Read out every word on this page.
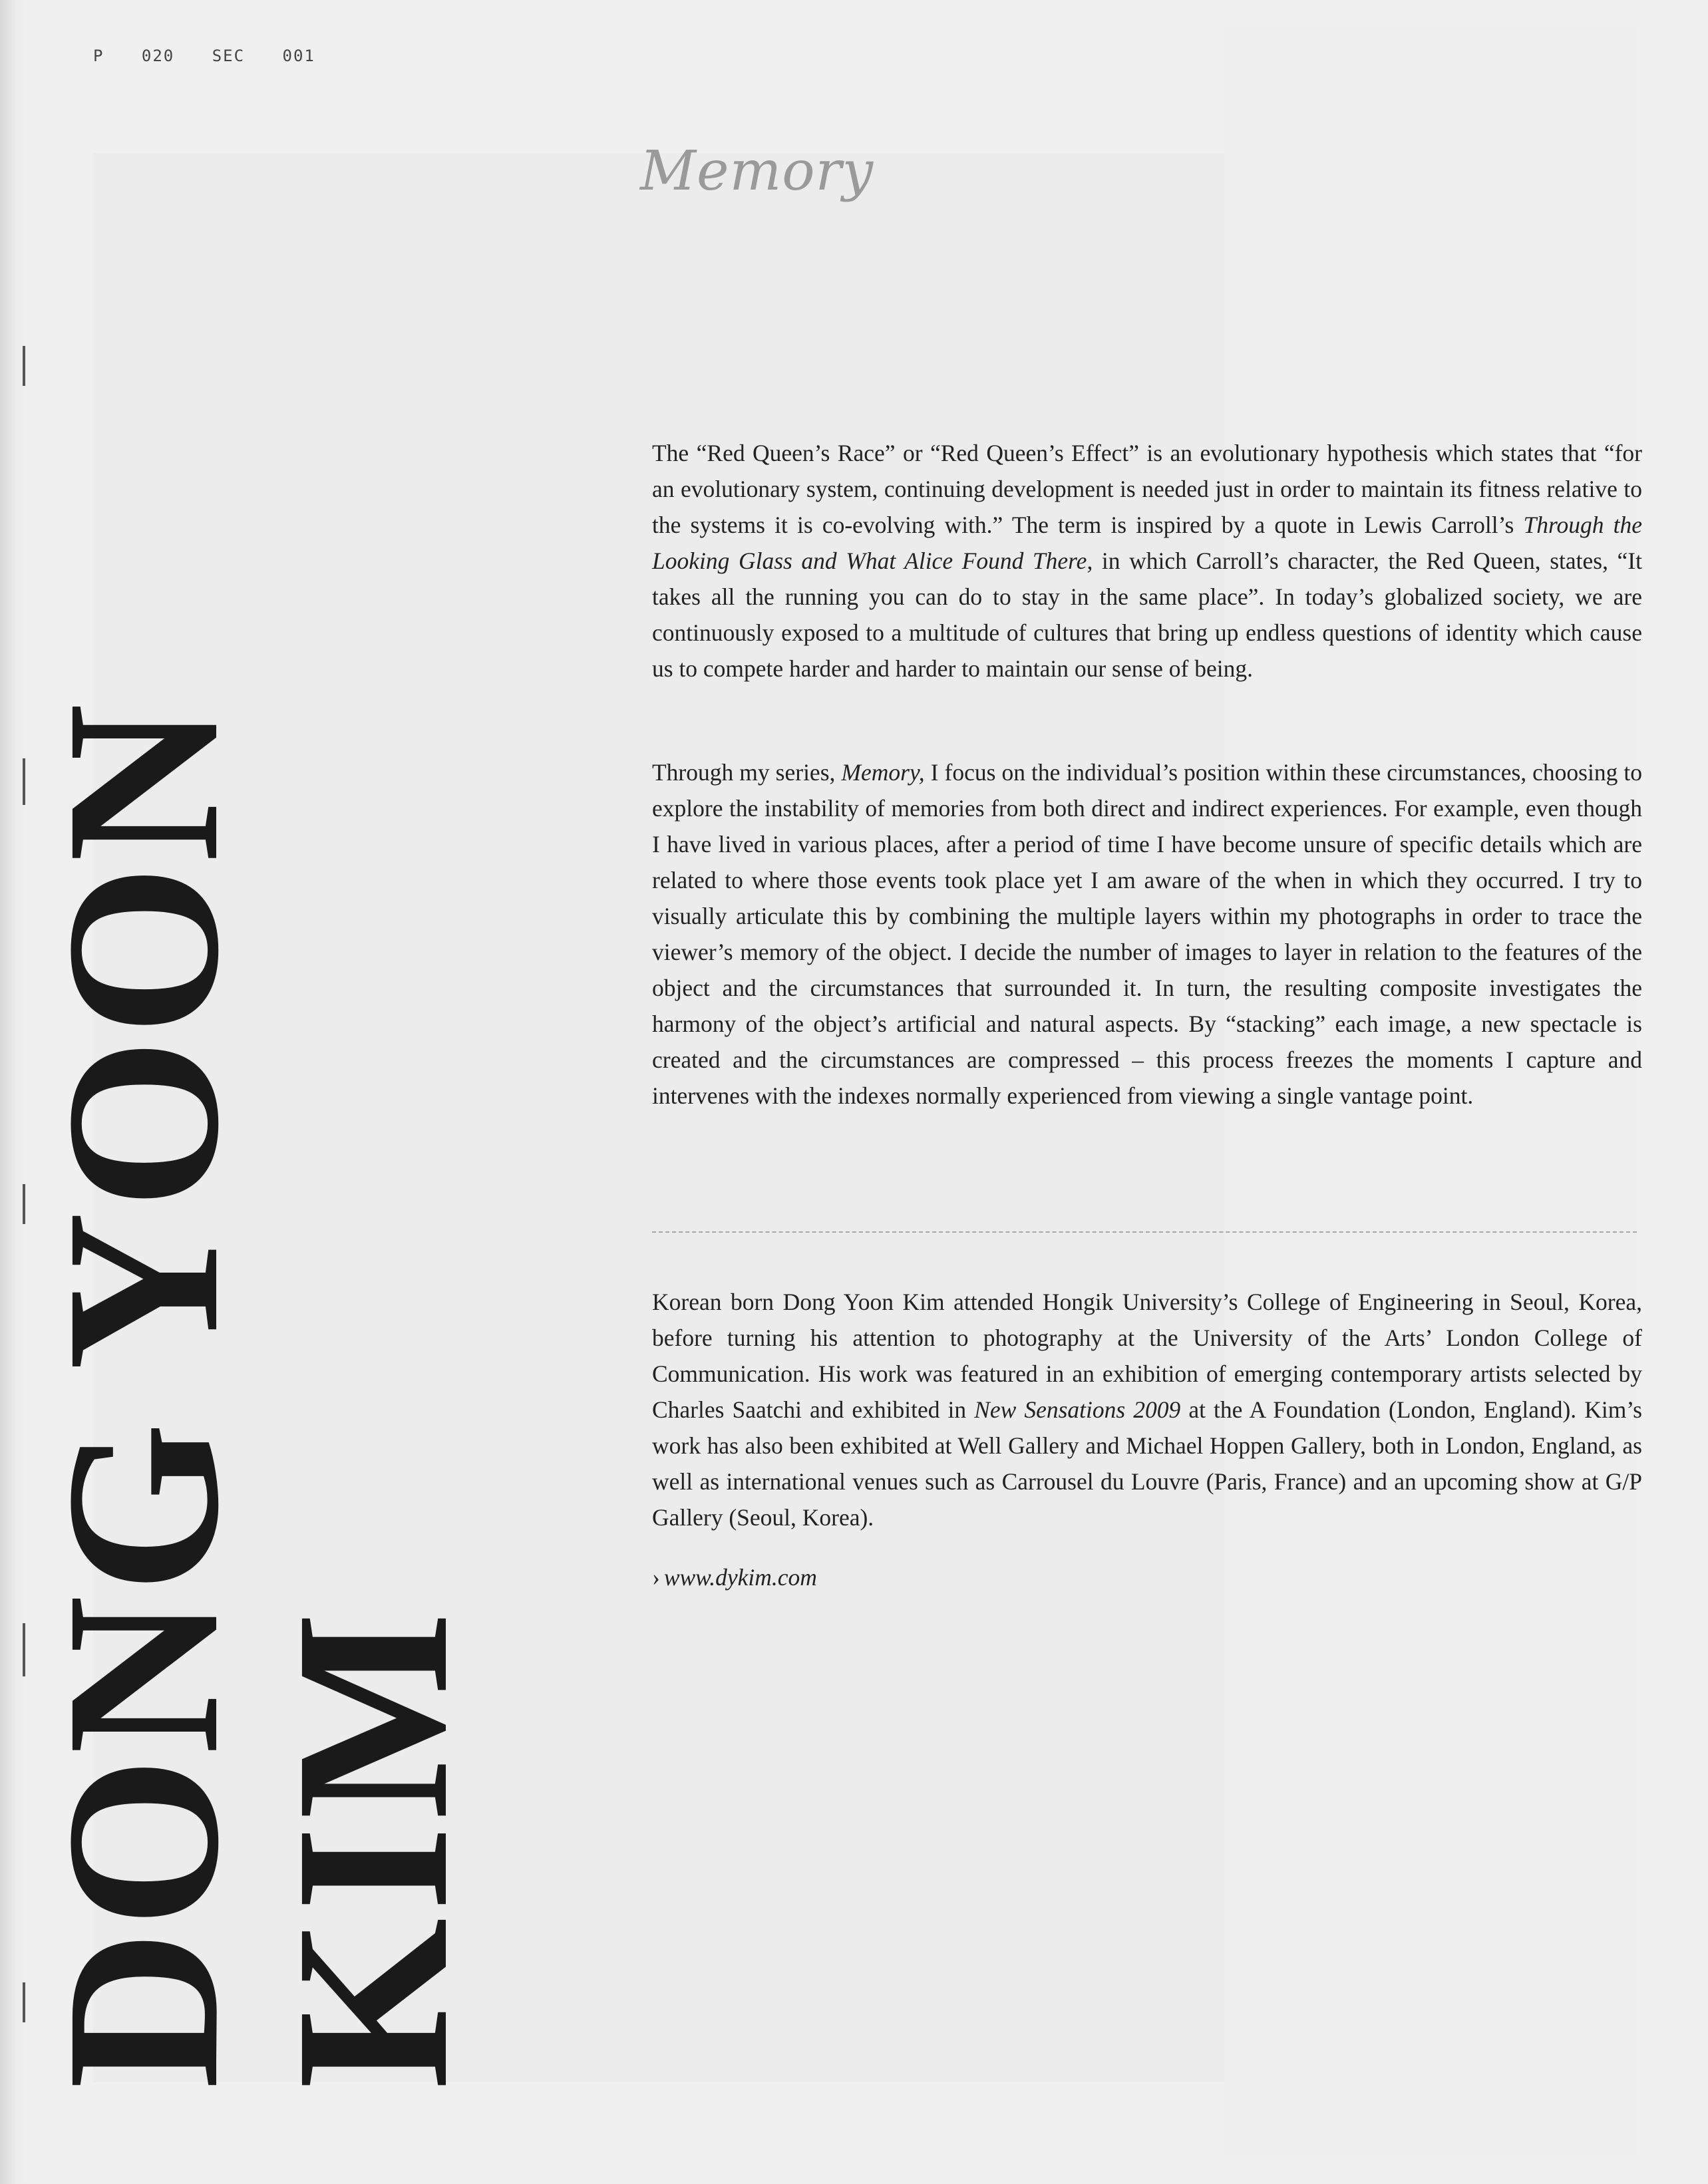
P 020 SEC 001
Memory

The “Red Queen’s Race” or “Red Queen’s Effect” is an evolutionary hypothesis which states that “for an evolutionary system, continuing development is needed just in order to maintain its fitness relative to the systems it is co-evolving with.” The term is inspired by a quote in Lewis Carroll’s Through the Looking Glass and What Alice Found There, in which Carroll’s character, the Red Queen, states, “It takes all the running you can do to stay in the same place”. In today’s globalized society, we are continuously exposed to a multitude of cultures that bring up endless questions of identity which cause us to compete harder and harder to maintain our sense of being.

Through my series, Memory, I focus on the individual’s position within these circumstances, choosing to explore the instability of memories from both direct and indirect experiences. For example, even though I have lived in various places, after a period of time I have become unsure of specific details which are related to where those events took place yet I am aware of the when in which they occurred. I try to visually articulate this by combining the multiple layers within my photographs in order to trace the viewer’s memory of the object. I decide the number of images to layer in relation to the features of the object and the circumstances that surrounded it. In turn, the resulting composite investigates the harmony of the object’s artificial and natural aspects. By “stacking” each image, a new spectacle is created and the circumstances are compressed – this process freezes the moments I capture and intervenes with the indexes normally experienced from viewing a single vantage point.

Korean born Dong Yoon Kim attended Hongik University’s College of Engineering in Seoul, Korea, before turning his attention to photography at the University of the Arts’ London College of Communication. His work was featured in an exhibition of emerging contemporary artists selected by Charles Saatchi and exhibited in New Sensations 2009 at the A Foundation (London, England). Kim’s work has also been exhibited at Well Gallery and Michael Hoppen Gallery, both in London, England, as well as international venues such as Carrousel du Louvre (Paris, France) and an upcoming show at G/P Gallery (Seoul, Korea).

› www.dykim.com
